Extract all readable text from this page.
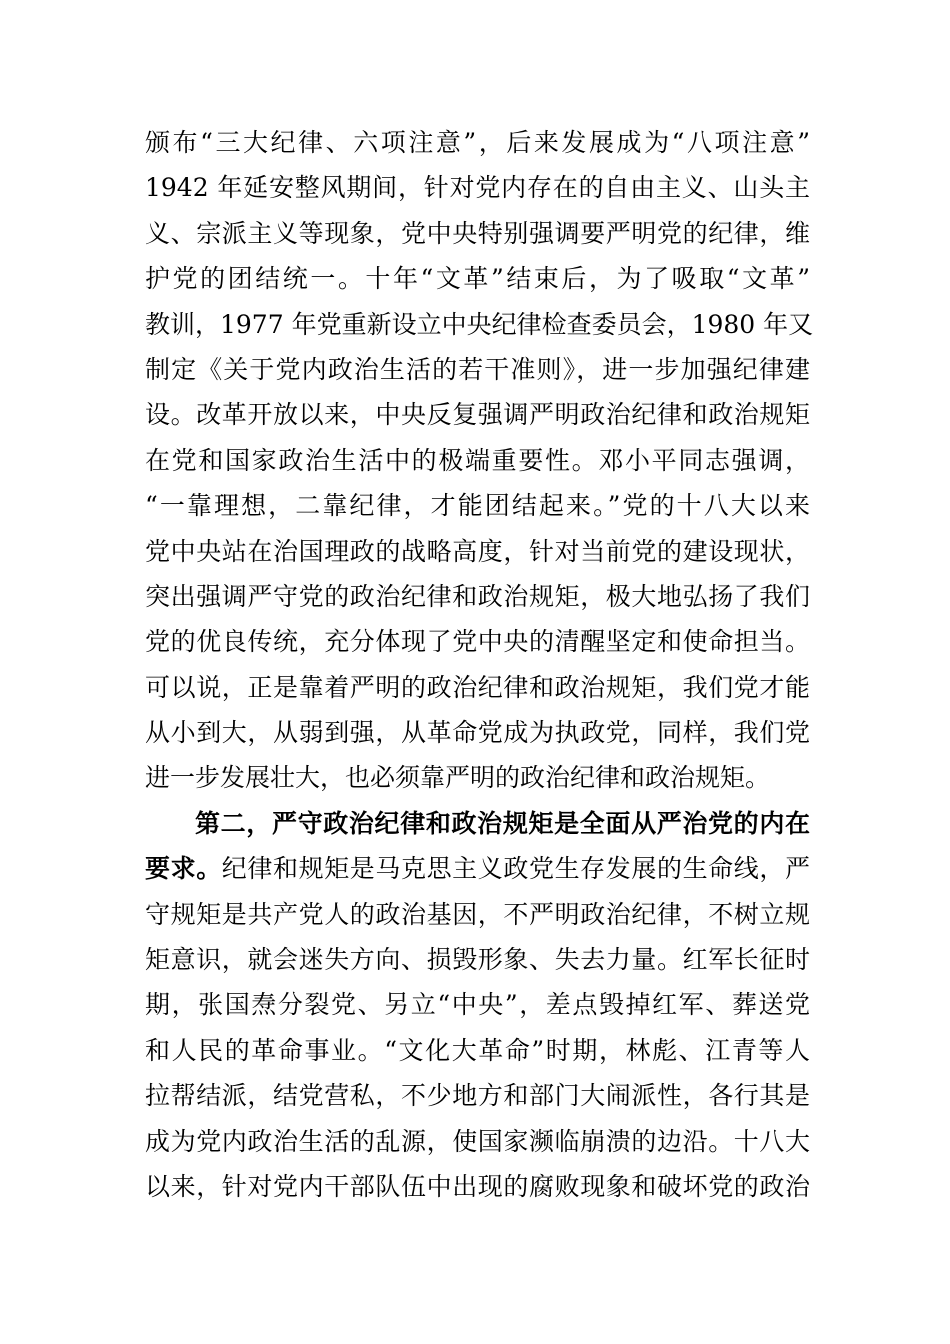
颁布“三大纪律、六项注意”，后来发展成为“八项注意”
1942 年延安整风期间，针对党内存在的自由主义、山头主
义、宗派主义等现象，党中央特别强调要严明党的纪律，维
护党的团结统一。十年“文革”结束后，为了吸取“文革”
教训，1977 年党重新设立中央纪律检查委员会，1980 年又
制定《关于党内政治生活的若干准则》，进一步加强纪律建
设。改革开放以来，中央反复强调严明政治纪律和政治规矩
在党和国家政治生活中的极端重要性。邓小平同志强调，
“一靠理想，二靠纪律，才能团结起来。”党的十八大以来
党中央站在治国理政的战略高度，针对当前党的建设现状，
突出强调严守党的政治纪律和政治规矩，极大地弘扬了我们
党的优良传统，充分体现了党中央的清醒坚定和使命担当。
可以说，正是靠着严明的政治纪律和政治规矩，我们党才能
从小到大，从弱到强，从革命党成为执政党，同样，我们党
进一步发展壮大，也必须靠严明的政治纪律和政治规矩。
第二，严守政治纪律和政治规矩是全面从严治党的内在
要求。纪律和规矩是马克思主义政党生存发展的生命线，严
守规矩是共产党人的政治基因，不严明政治纪律，不树立规
矩意识，就会迷失方向、损毁形象、失去力量。红军长征时
期，张国焘分裂党、另立“中央”，差点毁掉红军、葬送党
和人民的革命事业。“文化大革命”时期，林彪、江青等人
拉帮结派，结党营私，不少地方和部门大闹派性，各行其是
成为党内政治生活的乱源，使国家濒临崩溃的边沿。十八大
以来，针对党内干部队伍中出现的腐败现象和破坏党的政治
